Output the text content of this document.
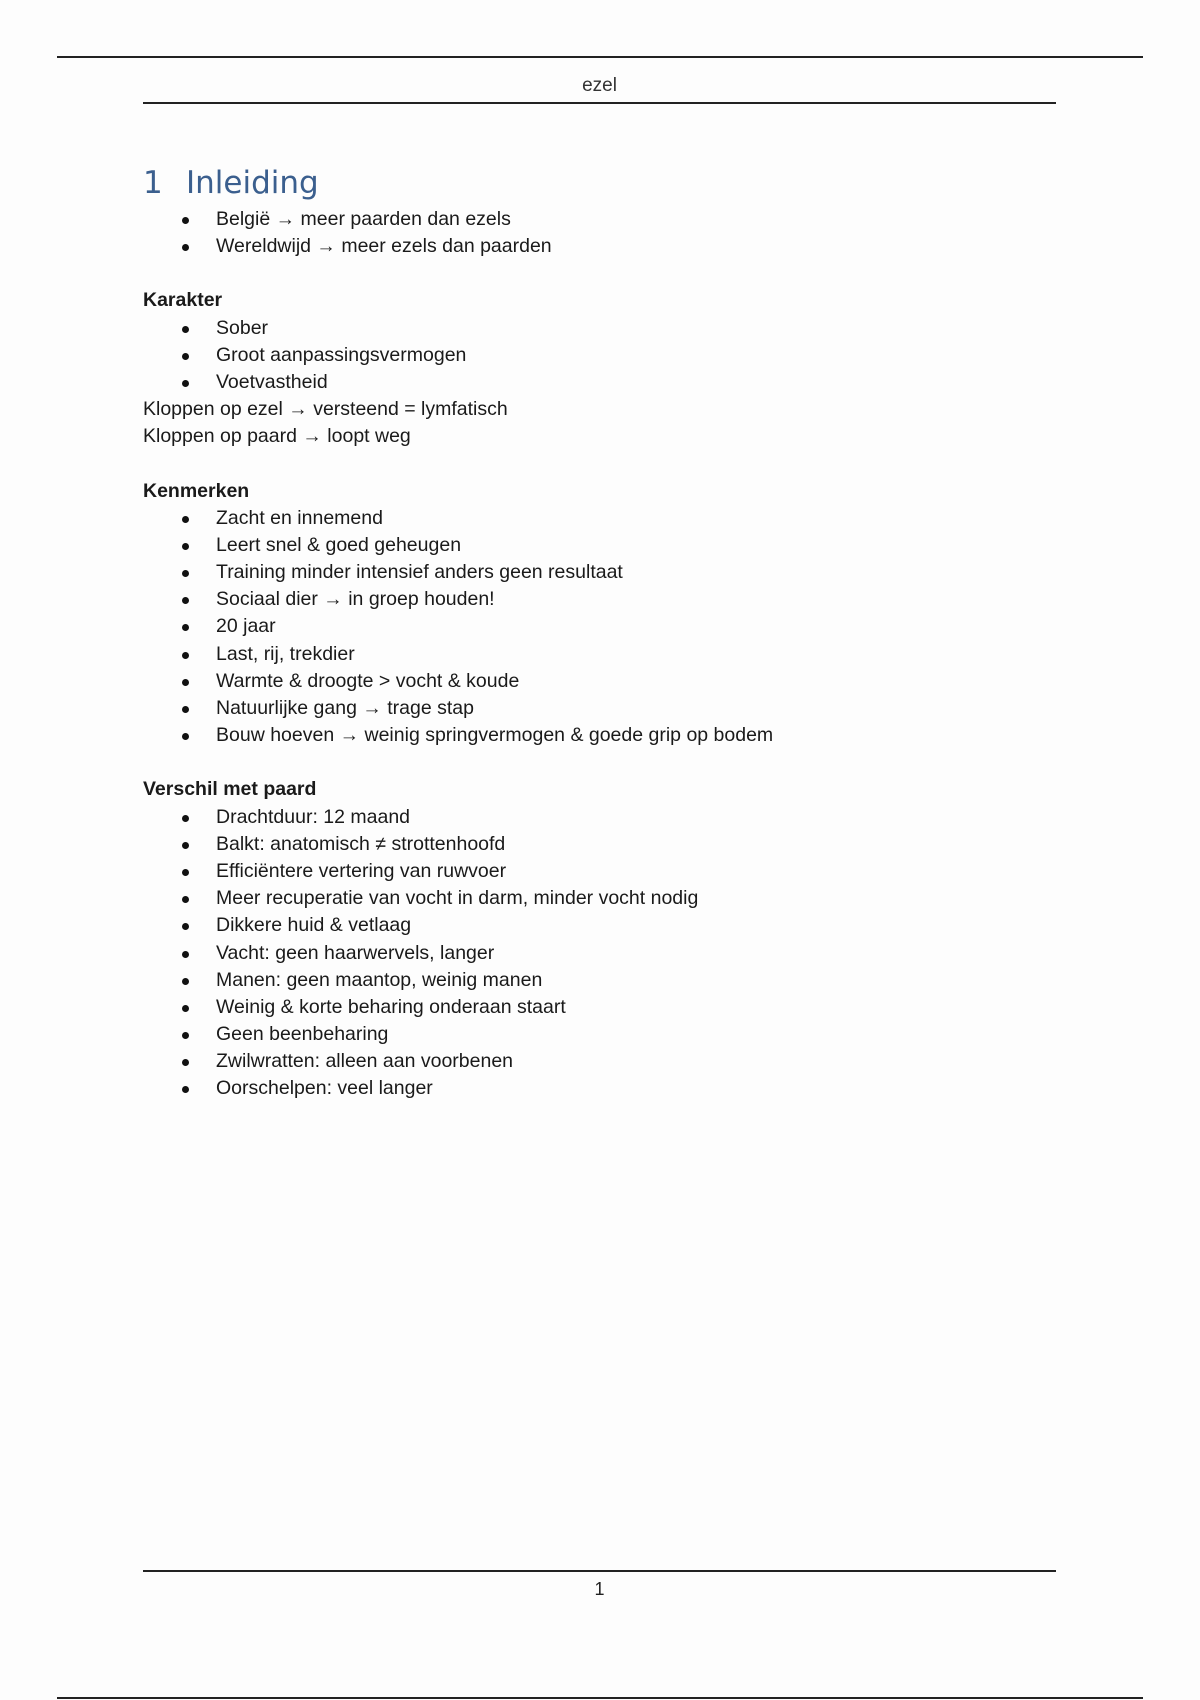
ezel
1 Inleiding
België → meer paarden dan ezels
Wereldwijd → meer ezels dan paarden
Karakter
Sober
Groot aanpassingsvermogen
Voetvastheid
Kloppen op ezel → versteend = lymfatisch
Kloppen op paard → loopt weg
Kenmerken
Zacht en innemend
Leert snel & goed geheugen
Training minder intensief anders geen resultaat
Sociaal dier → in groep houden!
20 jaar
Last, rij, trekdier
Warmte & droogte > vocht & koude
Natuurlijke gang → trage stap
Bouw hoeven → weinig springvermogen & goede grip op bodem
Verschil met paard
Drachtduur: 12 maand
Balkt: anatomisch ≠ strottenhoofd
Efficiëntere vertering van ruwvoer
Meer recuperatie van vocht in darm, minder vocht nodig
Dikkere huid & vetlaag
Vacht: geen haarwervels, langer
Manen: geen maantop, weinig manen
Weinig & korte beharing onderaan staart
Geen beenbeharing
Zwilwratten: alleen aan voorbenen
Oorschelpen: veel langer
1
